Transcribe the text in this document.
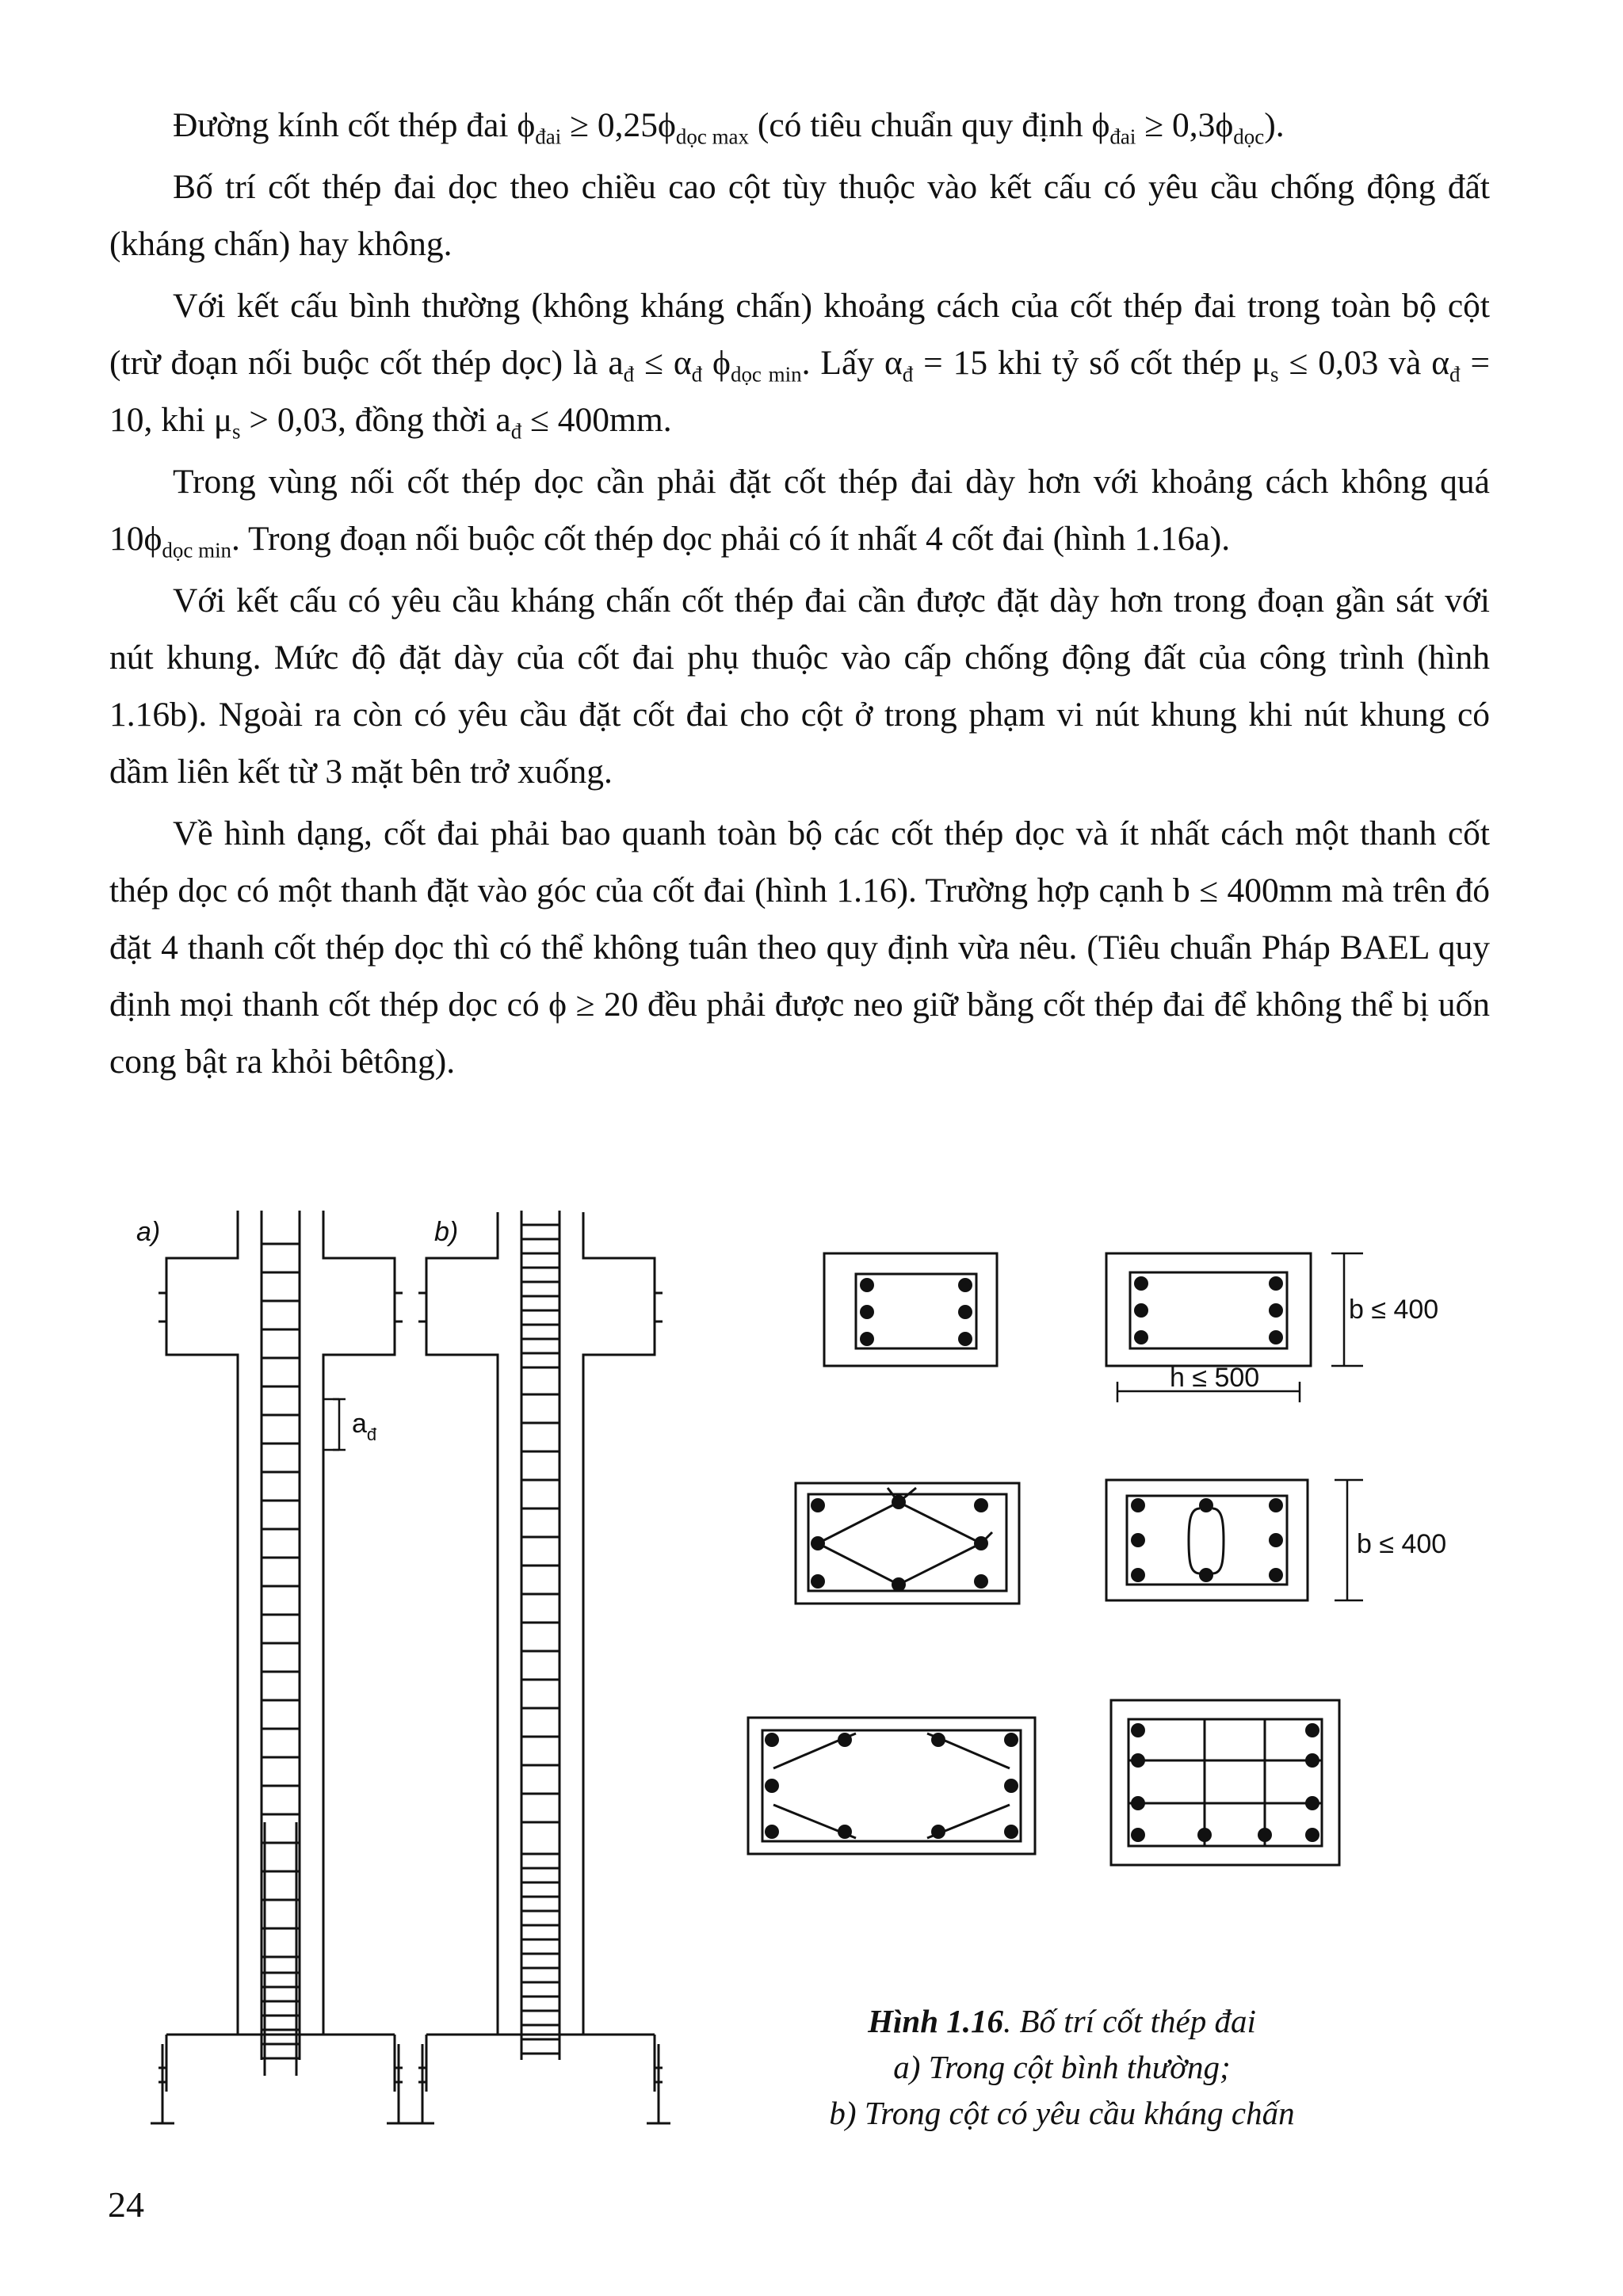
Đường kính cốt thép đai $\phi_{đai} \ge 0,25\phi_{dọc max}$ (có tiêu chuẩn quy định $\phi_{đai} \ge 0,3\phi_{dọc}$).

Bố trí cốt thép đai dọc theo chiều cao cột tùy thuộc vào kết cấu có yêu cầu chống động đất (kháng chấn) hay không.

Với kết cấu bình thường (không kháng chấn) khoảng cách của cốt thép đai trong toàn bộ cột (trừ đoạn nối buộc cốt thép dọc) là $a_đ \le \alpha_đ$ $\phi_{dọc min}$. Lấy $\alpha_đ = 15$ khi tỷ số cốt thép $\mu_s \le 0,03$ và $\alpha_đ = 10$, khi $\mu_s > 0,03$, đồng thời $a_đ \le 400mm$.

Trong vùng nối cốt thép dọc cần phải đặt cốt thép đai dày hơn với khoảng cách không quá $10\phi_{dọc min}$. Trong đoạn nối buộc cốt thép dọc phải có ít nhất 4 cốt đai (hình 1.16a).

Với kết cấu có yêu cầu kháng chấn cốt thép đai cần được đặt dày hơn trong đoạn gần sát với nút khung. Mức độ đặt dày của cốt đai phụ thuộc vào cấp chống động đất của công trình (hình 1.16b). Ngoài ra còn có yêu cầu đặt cốt đai cho cột ở trong phạm vi nút khung khi nút khung có dầm liên kết từ 3 mặt bên trở xuống.

Về hình dạng, cốt đai phải bao quanh toàn bộ các cốt thép dọc và ít nhất cách một thanh cốt thép dọc có một thanh đặt vào góc của cốt đai (hình 1.16). Trường hợp cạnh b ≤ 400mm mà trên đó đặt 4 thanh cốt thép dọc thì có thể không tuân theo quy định vừa nêu. (Tiêu chuẩn Pháp BAEL quy định mọi thanh cốt thép dọc có ϕ ≥ 20 đều phải được neo giữ bằng cốt thép đai để không thể bị uốn cong bật ra khỏi bêtông).

a)	b)
$a_đ$
b ≤ 400
h ≤ 500
b ≤ 400
Hình 1.16. Bố trí cốt thép đai
a) Trong cột bình thường;
b) Trong cột có yêu cầu kháng chấn
24
